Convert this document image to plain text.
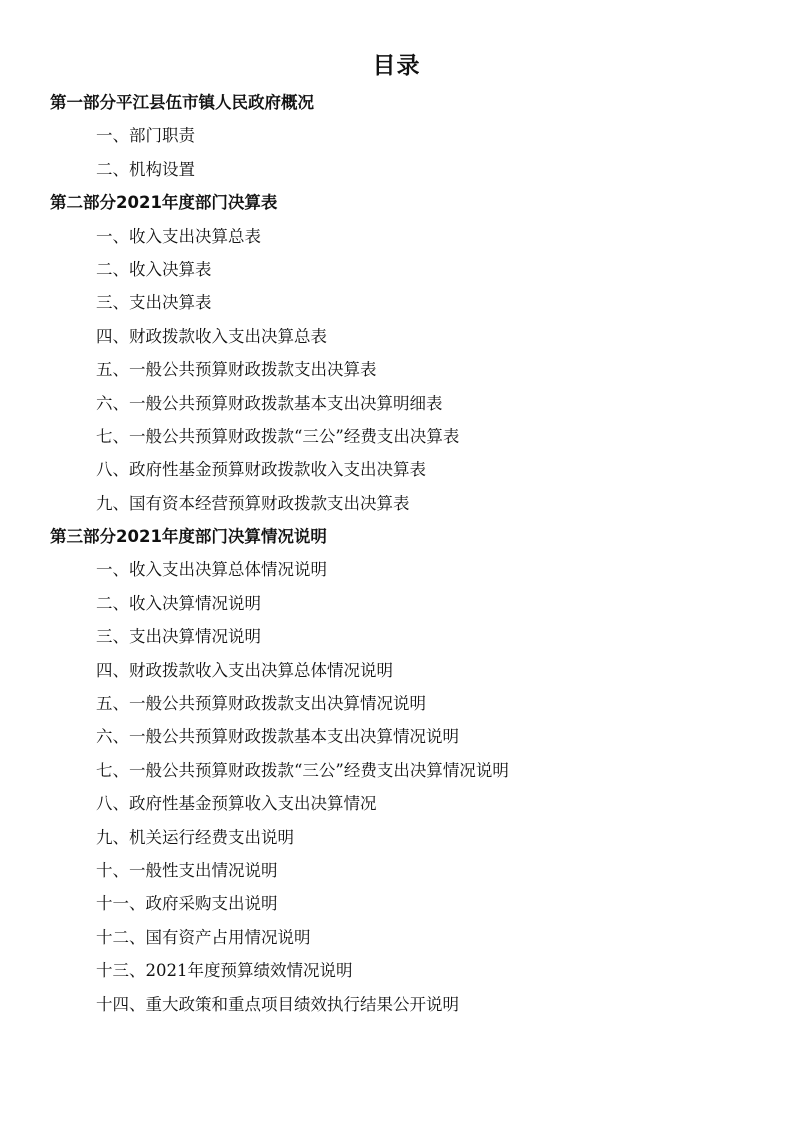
目录
第一部分平江县伍市镇人民政府概况
一、部门职责
二、机构设置
第二部分2021年度部门决算表
一、收入支出决算总表
二、收入决算表
三、支出决算表
四、财政拨款收入支出决算总表
五、一般公共预算财政拨款支出决算表
六、一般公共预算财政拨款基本支出决算明细表
七、一般公共预算财政拨款“三公”经费支出决算表
八、政府性基金预算财政拨款收入支出决算表
九、国有资本经营预算财政拨款支出决算表
第三部分2021年度部门决算情况说明
一、收入支出决算总体情况说明
二、收入决算情况说明
三、支出决算情况说明
四、财政拨款收入支出决算总体情况说明
五、一般公共预算财政拨款支出决算情况说明
六、一般公共预算财政拨款基本支出决算情况说明
七、一般公共预算财政拨款“三公”经费支出决算情况说明
八、政府性基金预算收入支出决算情况
九、机关运行经费支出说明
十、一般性支出情况说明
十一、政府采购支出说明
十二、国有资产占用情况说明
十三、2021年度预算绩效情况说明
十四、重大政策和重点项目绩效执行结果公开说明
